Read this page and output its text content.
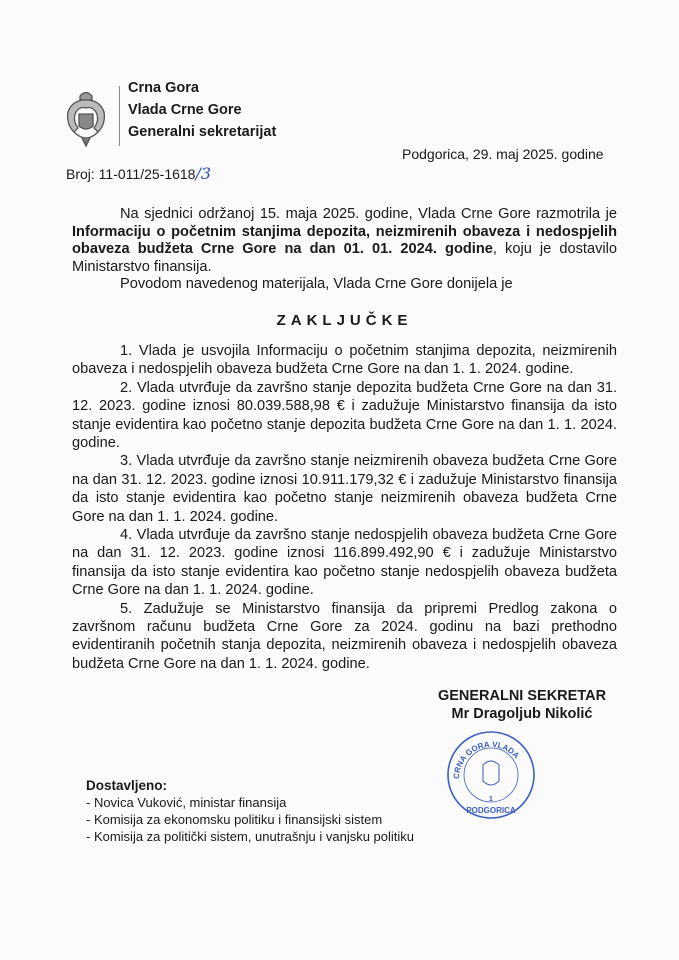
Crna Gora
Vlada Crne Gore
Generalni sekretarijat
Broj: 11-011/25-1618/3
Podgorica, 29. maj 2025. godine

Na sjednici održanoj 15. maja 2025. godine, Vlada Crne Gore razmotrila je Informaciju o početnim stanjima depozita, neizmirenih obaveza i nedospjelih obaveza budžeta Crne Gore na dan 01. 01. 2024. godine, koju je dostavilo Ministarstvo finansija.

Povodom navedenog materijala, Vlada Crne Gore donijela je

ZAKLJUČKE

1. Vlada je usvojila Informaciju o početnim stanjima depozita, neizmirenih obaveza i nedospjelih obaveza budžeta Crne Gore na dan 1. 1. 2024. godine.

2. Vlada utvrđuje da završno stanje depozita budžeta Crne Gore na dan 31. 12. 2023. godine iznosi 80.039.588,98 € i zadužuje Ministarstvo finansija da isto stanje evidentira kao početno stanje depozita budžeta Crne Gore na dan 1. 1. 2024. godine.

3. Vlada utvrđuje da završno stanje neizmirenih obaveza budžeta Crne Gore na dan 31. 12. 2023. godine iznosi 10.911.179,32 € i zadužuje Ministarstvo finansija da isto stanje evidentira kao početno stanje neizmirenih obaveza budžeta Crne Gore na dan 1. 1. 2024. godine.

4. Vlada utvrđuje da završno stanje nedospjelih obaveza budžeta Crne Gore na dan 31. 12. 2023. godine iznosi 116.899.492,90 € i zadužuje Ministarstvo finansija da isto stanje evidentira kao početno stanje nedospjelih obaveza budžeta Crne Gore na dan 1. 1. 2024. godine.

5. Zadužuje se Ministarstvo finansija da pripremi Predlog zakona o završnom računu budžeta Crne Gore za 2024. godinu na bazi prethodno evidentiranih početnih stanja depozita, neizmirenih obaveza i nedospjelih obaveza budžeta Crne Gore na dan 1. 1. 2024. godine.

GENERALNI SEKRETAR
Mr Dragoljub Nikolić
Dostavljeno:
- Novica Vuković, ministar finansija
- Komisija za ekonomsku politiku i finansijski sistem
- Komisija za politički sistem, unutrašnju i vanjsku politiku
CRNA GORA VLADA
1
PODGORICA
